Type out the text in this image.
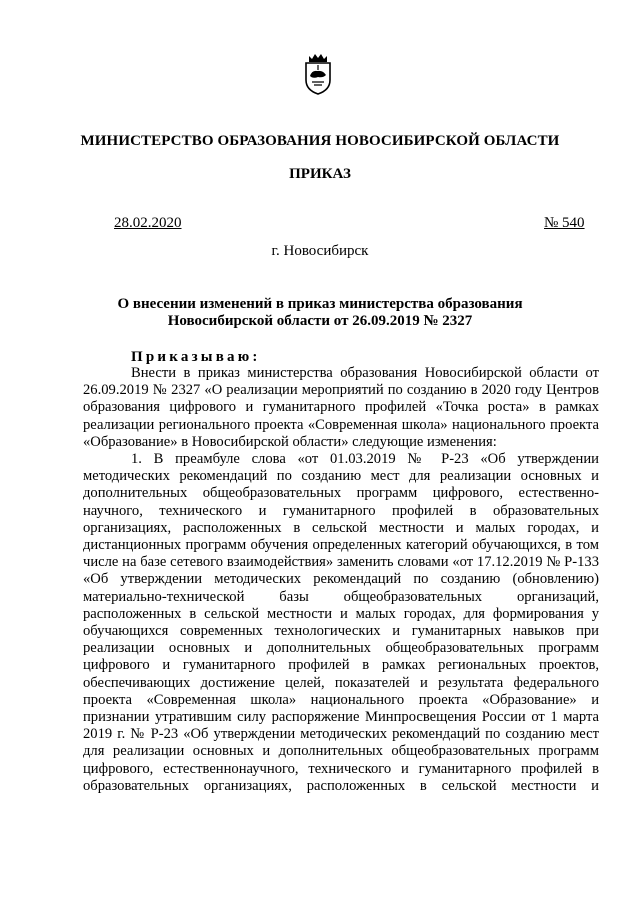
МИНИСТЕРСТВО ОБРАЗОВАНИЯ НОВОСИБИРСКОЙ ОБЛАСТИ
ПРИКАЗ
28.02.2020	№ 540
г. Новосибирск
О внесении изменений в приказ министерства образования Новосибирской области от 26.09.2019 № 2327
Приказываю:

Внести в приказ министерства образования Новосибирской области от 26.09.2019 № 2327 «О реализации мероприятий по созданию в 2020 году Центров образования цифрового и гуманитарного профилей «Точка роста» в рамках реализации регионального проекта «Современная школа» национального проекта «Образование» в Новосибирской области» следующие изменения:

1. В преамбуле слова «от 01.03.2019 № Р-23 «Об утверждении методических рекомендаций по созданию мест для реализации основных и дополнительных общеобразовательных программ цифрового, естественно-научного, технического и гуманитарного профилей в образовательных организациях, расположенных в сельской местности и малых городах, и дистанционных программ обучения определенных категорий обучающихся, в том числе на базе сетевого взаимодействия» заменить словами «от 17.12.2019 № Р-133 «Об утверждении методических рекомендаций по созданию (обновлению) материально-технической базы общеобразовательных организаций, расположенных в сельской местности и малых городах, для формирования у обучающихся современных технологических и гуманитарных навыков при реализации основных и дополнительных общеобразовательных программ цифрового и гуманитарного профилей в рамках региональных проектов, обеспечивающих достижение целей, показателей и результата федерального проекта «Современная школа» национального проекта «Образование» и признании утратившим силу распоряжение Минпросвещения России от 1 марта 2019 г. № Р-23 «Об утверждении методических рекомендаций по созданию мест для реализации основных и дополнительных общеобразовательных программ цифрового, естественнонаучного, технического и гуманитарного профилей в образовательных организациях, расположенных в сельской местности и
